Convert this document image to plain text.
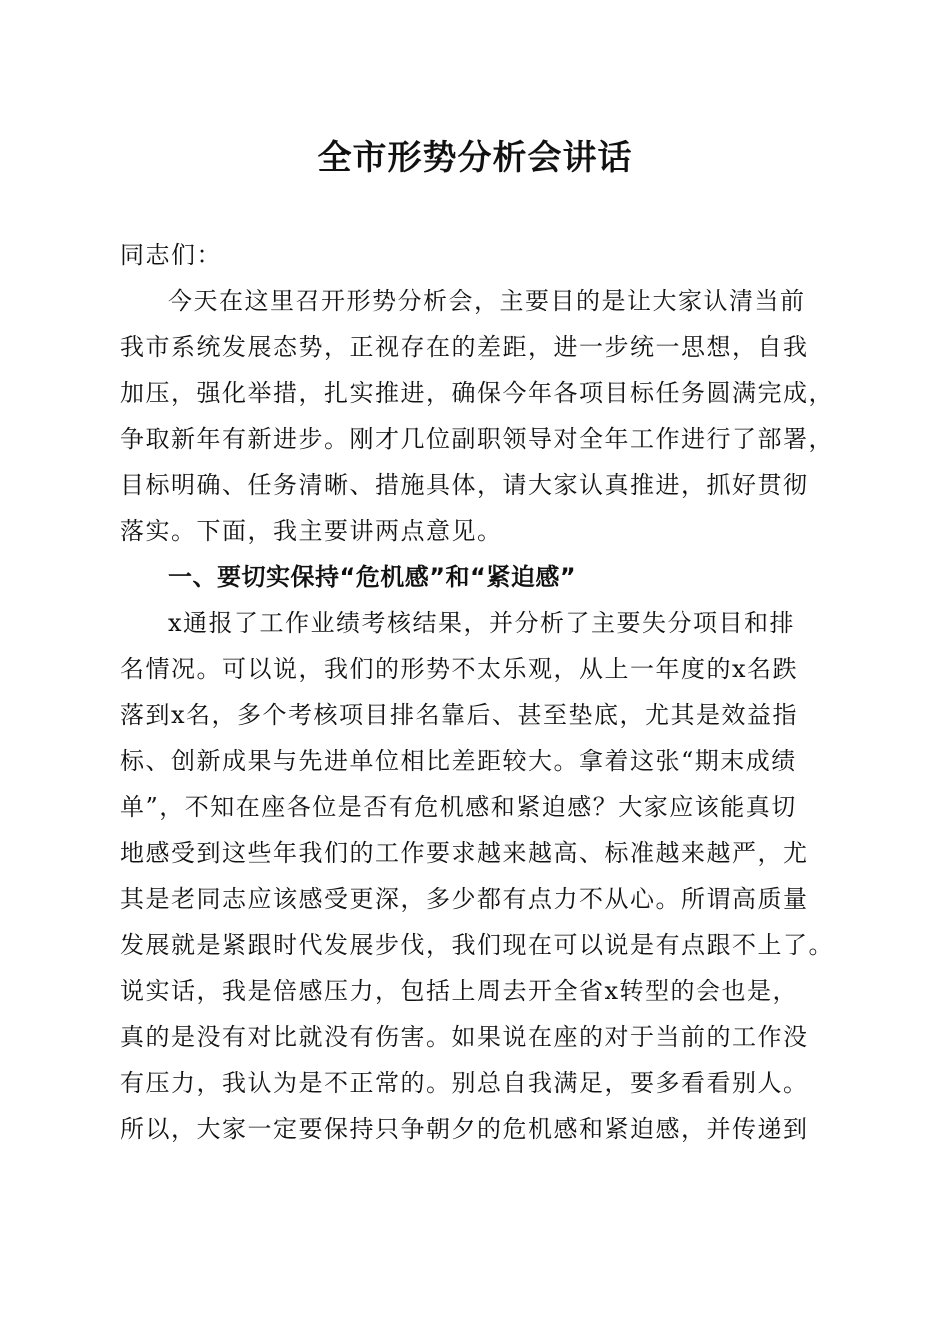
全市形势分析会讲话
同志们：
今天在这里召开形势分析会，主要目的是让大家认清当前
我市系统发展态势，正视存在的差距，进一步统一思想，自我
加压，强化举措，扎实推进，确保今年各项目标任务圆满完成，
争取新年有新进步。刚才几位副职领导对全年工作进行了部署，
目标明确、任务清晰、措施具体，请大家认真推进，抓好贯彻
落实。下面，我主要讲两点意见。
一、要切实保持“危机感”和“紧迫感”
x通报了工作业绩考核结果，并分析了主要失分项目和排
名情况。可以说，我们的形势不太乐观，从上一年度的x名跌
落到x名，多个考核项目排名靠后、甚至垫底，尤其是效益指
标、创新成果与先进单位相比差距较大。拿着这张“期末成绩
单”，不知在座各位是否有危机感和紧迫感？大家应该能真切
地感受到这些年我们的工作要求越来越高、标准越来越严，尤
其是老同志应该感受更深，多少都有点力不从心。所谓高质量
发展就是紧跟时代发展步伐，我们现在可以说是有点跟不上了。
说实话，我是倍感压力，包括上周去开全省x转型的会也是，
真的是没有对比就没有伤害。如果说在座的对于当前的工作没
有压力，我认为是不正常的。别总自我满足，要多看看别人。
所以，大家一定要保持只争朝夕的危机感和紧迫感，并传递到
